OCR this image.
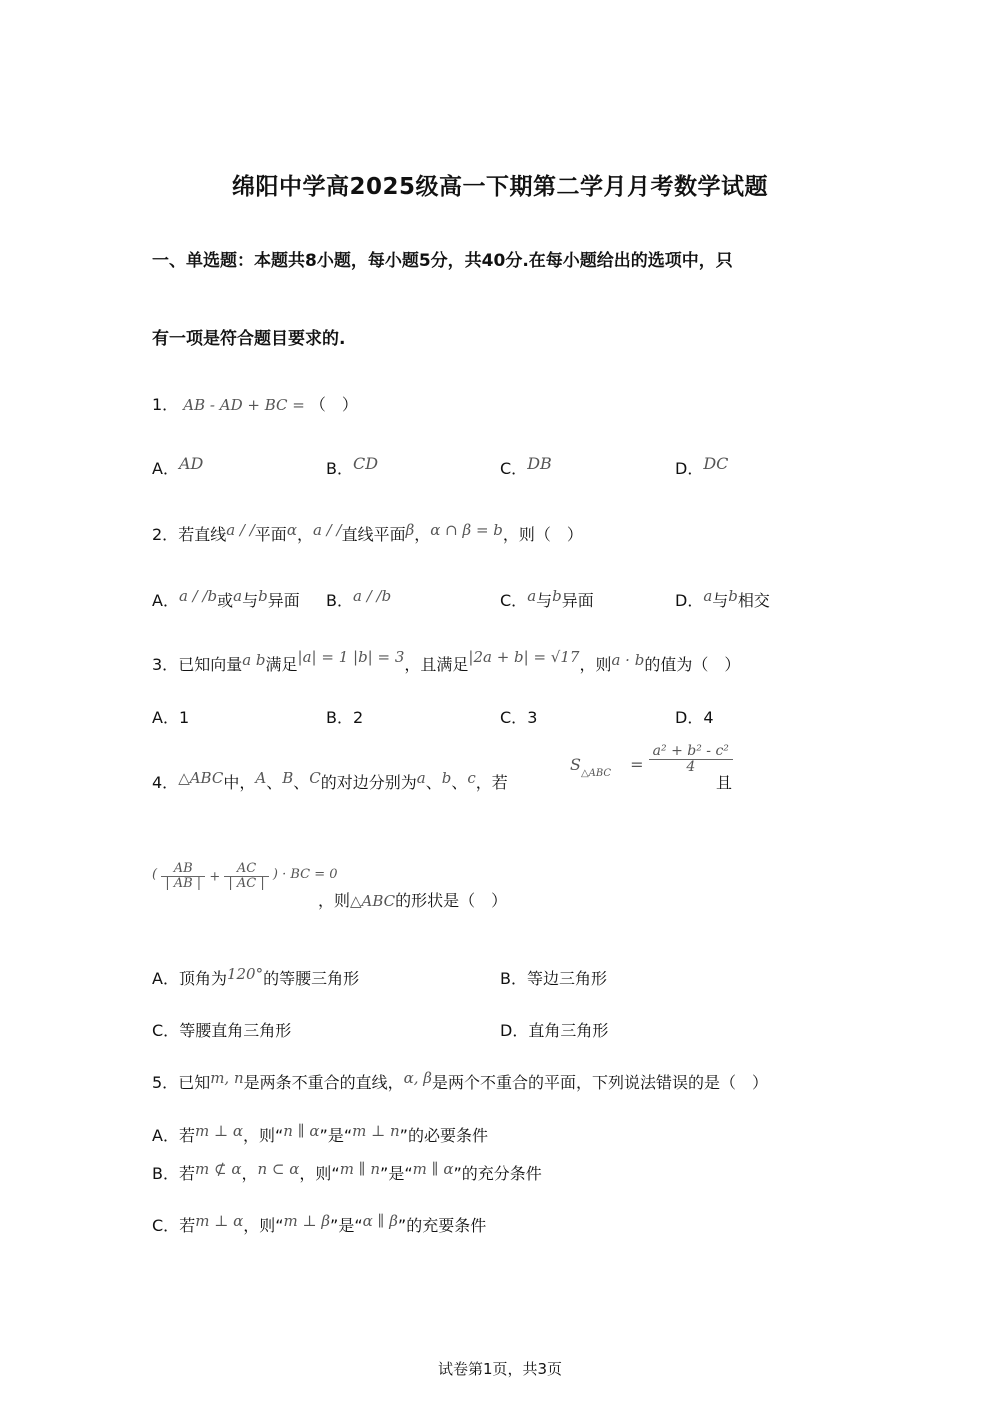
绵阳中学高2025级高一下期第二学月月考数学试题
一、单选题：本题共8小题，每小题5分，共40分.在每小题给出的选项中，只
有一项是符合题目要求的.
1． AB - AD + BC = （　）
A．AD	B．CD	C．DB	D．DC
2．若直线a / /平面α，a / /直线平面β，α ∩ β = b，则（　）
A．a / /b或a与b异面 B．a / /b	C．a与b异面	D．a与b相交
3．已知向量a b满足|a| = 1 |b| = 3，且满足|2a + b| = √17，则a · b的值为（　）
A．1	B．2	C．3	D．4
4．△ABC中，A、B、C的对边分别为a、b、c，若
$S_{\triangle ABC} = \frac{\text{a² + b² - c²}}{4}$
且
( $\frac{AB}{| AB |} + \frac{AC}{| AC |}$ ) · BC = 0
，则△ABC的形状是（　）
A．顶角为120°的等腰三角形	B．等边三角形
C．等腰直角三角形	D．直角三角形
5．已知m, n是两条不重合的直线，α, β是两个不重合的平面，下列说法错误的是（　）
A．若m ⊥ α，则“n ∥ α”是“m ⊥ n”的必要条件
B．若m ⊄ α，n ⊂ α，则“m ∥ n”是“m ∥ α”的充分条件
C．若m ⊥ α，则“m ⊥ β”是“α ∥ β”的充要条件
试卷第1页，共3页
